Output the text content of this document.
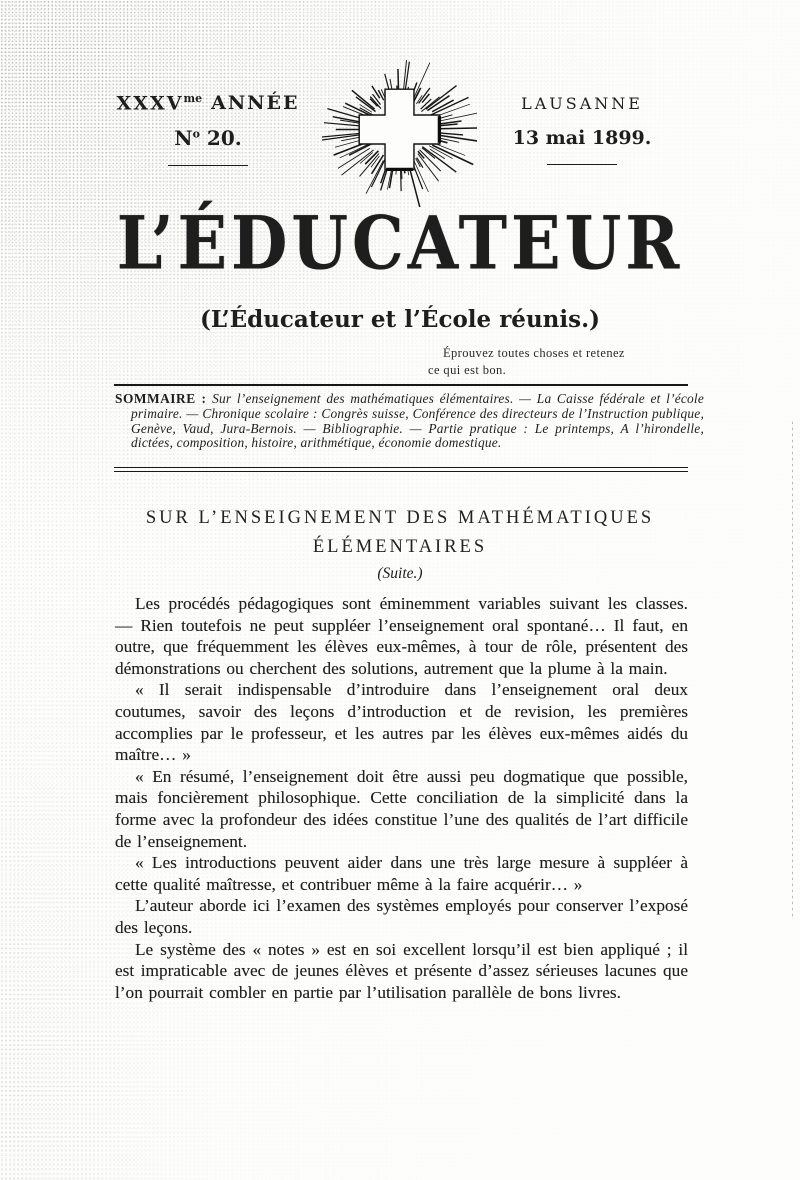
$XXXV^{me}$ ANNÉE
$N^o$ 20.
LAUSANNE
13 mai 1899.
L’ÉDUCATEUR
(L’Éducateur et l’École réunis.)
Éprouvez toutes choses et retenez
ce qui est bon.

SOMMAIRE : Sur l’enseignement des mathématiques élémentaires. — La Caisse fédérale et l’école primaire. — Chronique scolaire : Congrès suisse, Conférence des directeurs de l’Instruction publique, Genève, Vaud, Jura-Bernois. — Bibliographie. — Partie pratique : Le printemps, A l’hirondelle, dictées, composition, histoire, arithmétique, économie domestique.

SUR L’ENSEIGNEMENT DES MATHÉMATIQUES
ÉLÉMENTAIRES
(Suite.)

Les procédés pédagogiques sont éminemment variables suivant les classes. — Rien toutefois ne peut suppléer l’enseignement oral spontané… Il faut, en outre, que fréquemment les élèves eux-mêmes, à tour de rôle, présentent des démonstrations ou cherchent des solutions, autrement que la plume à la main.

« Il serait indispensable d’introduire dans l’enseignement oral deux coutumes, savoir des leçons d’introduction et de revision, les premières accomplies par le professeur, et les autres par les élèves eux-mêmes aidés du maître… »

« En résumé, l’enseignement doit être aussi peu dogmatique que possible, mais foncièrement philosophique. Cette conciliation de la simplicité dans la forme avec la profondeur des idées constitue l’une des qualités de l’art difficile de l’enseignement.

« Les introductions peuvent aider dans une très large mesure à suppléer à cette qualité maîtresse, et contribuer même à la faire acquérir… »

L’auteur aborde ici l’examen des systèmes employés pour conserver l’exposé des leçons.

Le système des « notes » est en soi excellent lorsqu’il est bien appliqué ; il est impraticable avec de jeunes élèves et présente d’assez sérieuses lacunes que l’on pourrait combler en partie par l’utilisation parallèle de bons livres.
